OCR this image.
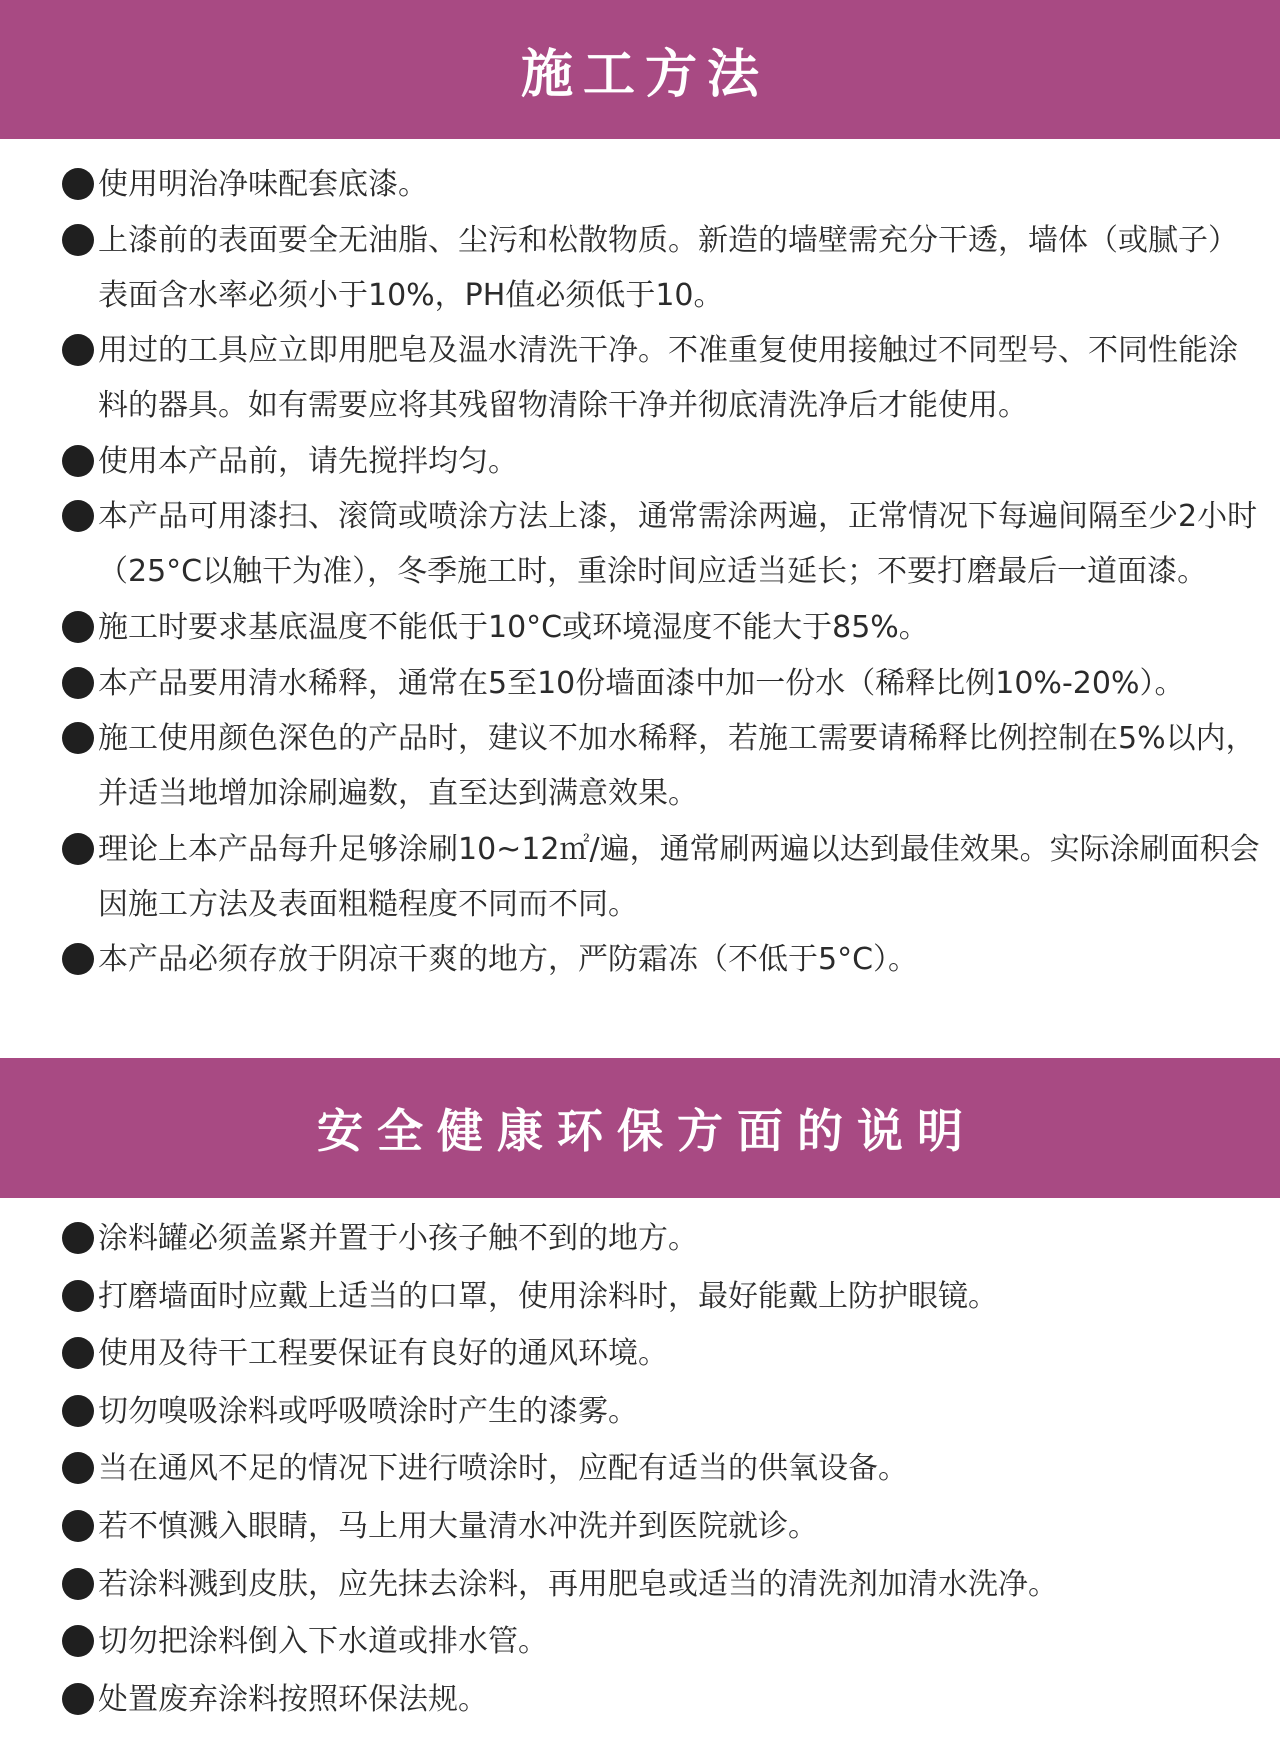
施工方法
使用明治净味配套底漆。
上漆前的表面要全无油脂、尘污和松散物质。新造的墙壁需充分干透，墙体（或腻子）表面含水率必须小于10%，PH值必须低于10。
用过的工具应立即用肥皂及温水清洗干净。不准重复使用接触过不同型号、不同性能涂料的器具。如有需要应将其残留物清除干净并彻底清洗净后才能使用。
使用本产品前，请先搅拌均匀。
本产品可用漆扫、滚筒或喷涂方法上漆，通常需涂两遍，正常情况下每遍间隔至少2小时（25°C以触干为准），冬季施工时，重涂时间应适当延长；不要打磨最后一道面漆。
施工时要求基底温度不能低于10°C或环境湿度不能大于85%。
本产品要用清水稀释，通常在5至10份墙面漆中加一份水（稀释比例10%-20%）。
施工使用颜色深色的产品时，建议不加水稀释，若施工需要请稀释比例控制在5%以内，并适当地增加涂刷遍数，直至达到满意效果。
理论上本产品每升足够涂刷10~12㎡/遍，通常刷两遍以达到最佳效果。实际涂刷面积会因施工方法及表面粗糙程度不同而不同。
本产品必须存放于阴凉干爽的地方，严防霜冻（不低于5°C）。
安全健康环保方面的说明
涂料罐必须盖紧并置于小孩子触不到的地方。
打磨墙面时应戴上适当的口罩，使用涂料时，最好能戴上防护眼镜。
使用及待干工程要保证有良好的通风环境。
切勿嗅吸涂料或呼吸喷涂时产生的漆雾。
当在通风不足的情况下进行喷涂时，应配有适当的供氧设备。
若不慎溅入眼睛，马上用大量清水冲洗并到医院就诊。
若涂料溅到皮肤，应先抹去涂料，再用肥皂或适当的清洗剂加清水洗净。
切勿把涂料倒入下水道或排水管。
处置废弃涂料按照环保法规。
